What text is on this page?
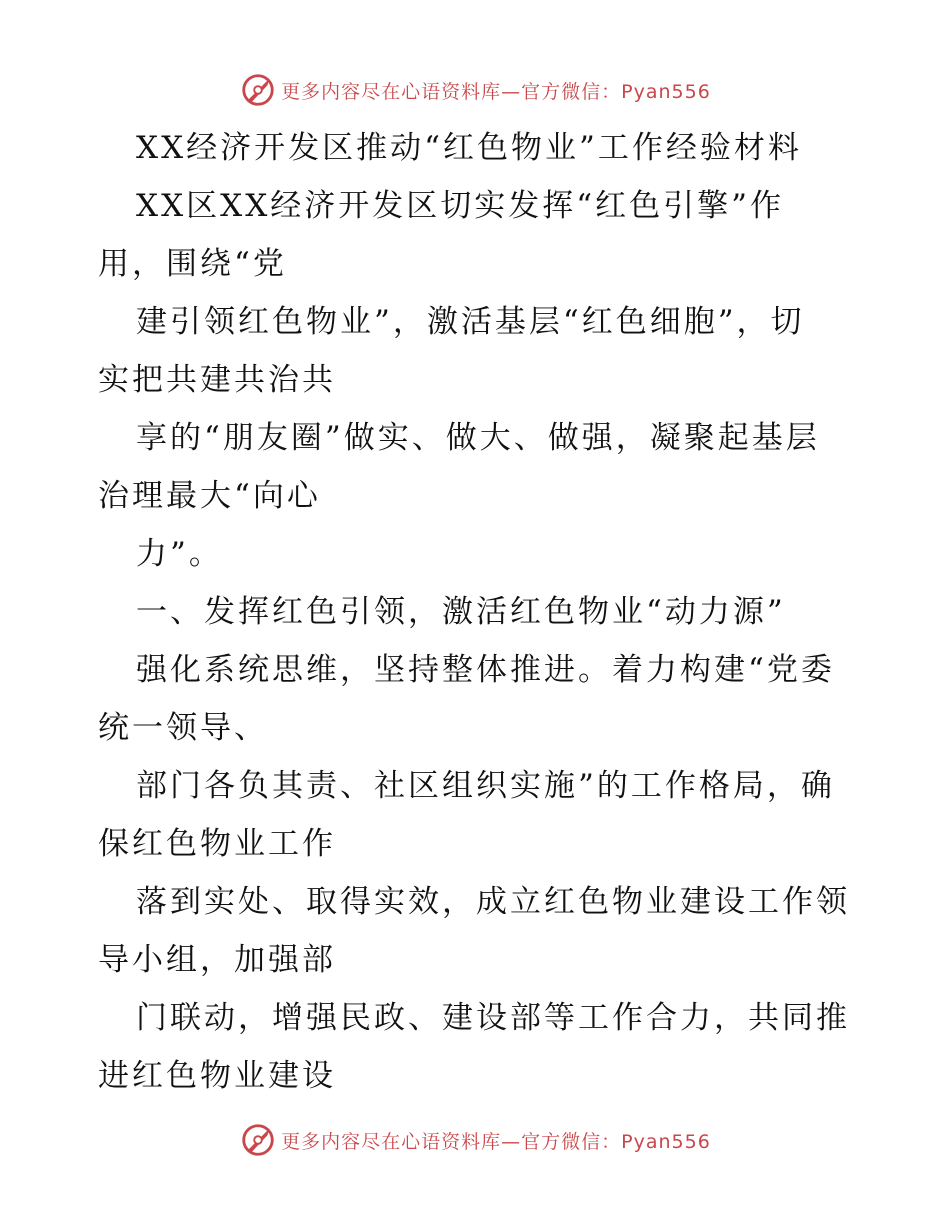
更多内容尽在心语资料库—官方微信：Pyan556
XX经济开发区推动“红色物业”工作经验材料
XX区XX经济开发区切实发挥“红色引擎”作
用，围绕“党
建引领红色物业”，激活基层“红色细胞”，切
实把共建共治共
享的“朋友圈”做实、做大、做强，凝聚起基层
治理最大“向心
力”。
一、发挥红色引领，激活红色物业“动力源”
强化系统思维，坚持整体推进。着力构建“党委
统一领导、
部门各负其责、社区组织实施”的工作格局，确
保红色物业工作
落到实处、取得实效，成立红色物业建设工作领
导小组，加强部
门联动，增强民政、建设部等工作合力，共同推
进红色物业建设
更多内容尽在心语资料库—官方微信：Pyan556
